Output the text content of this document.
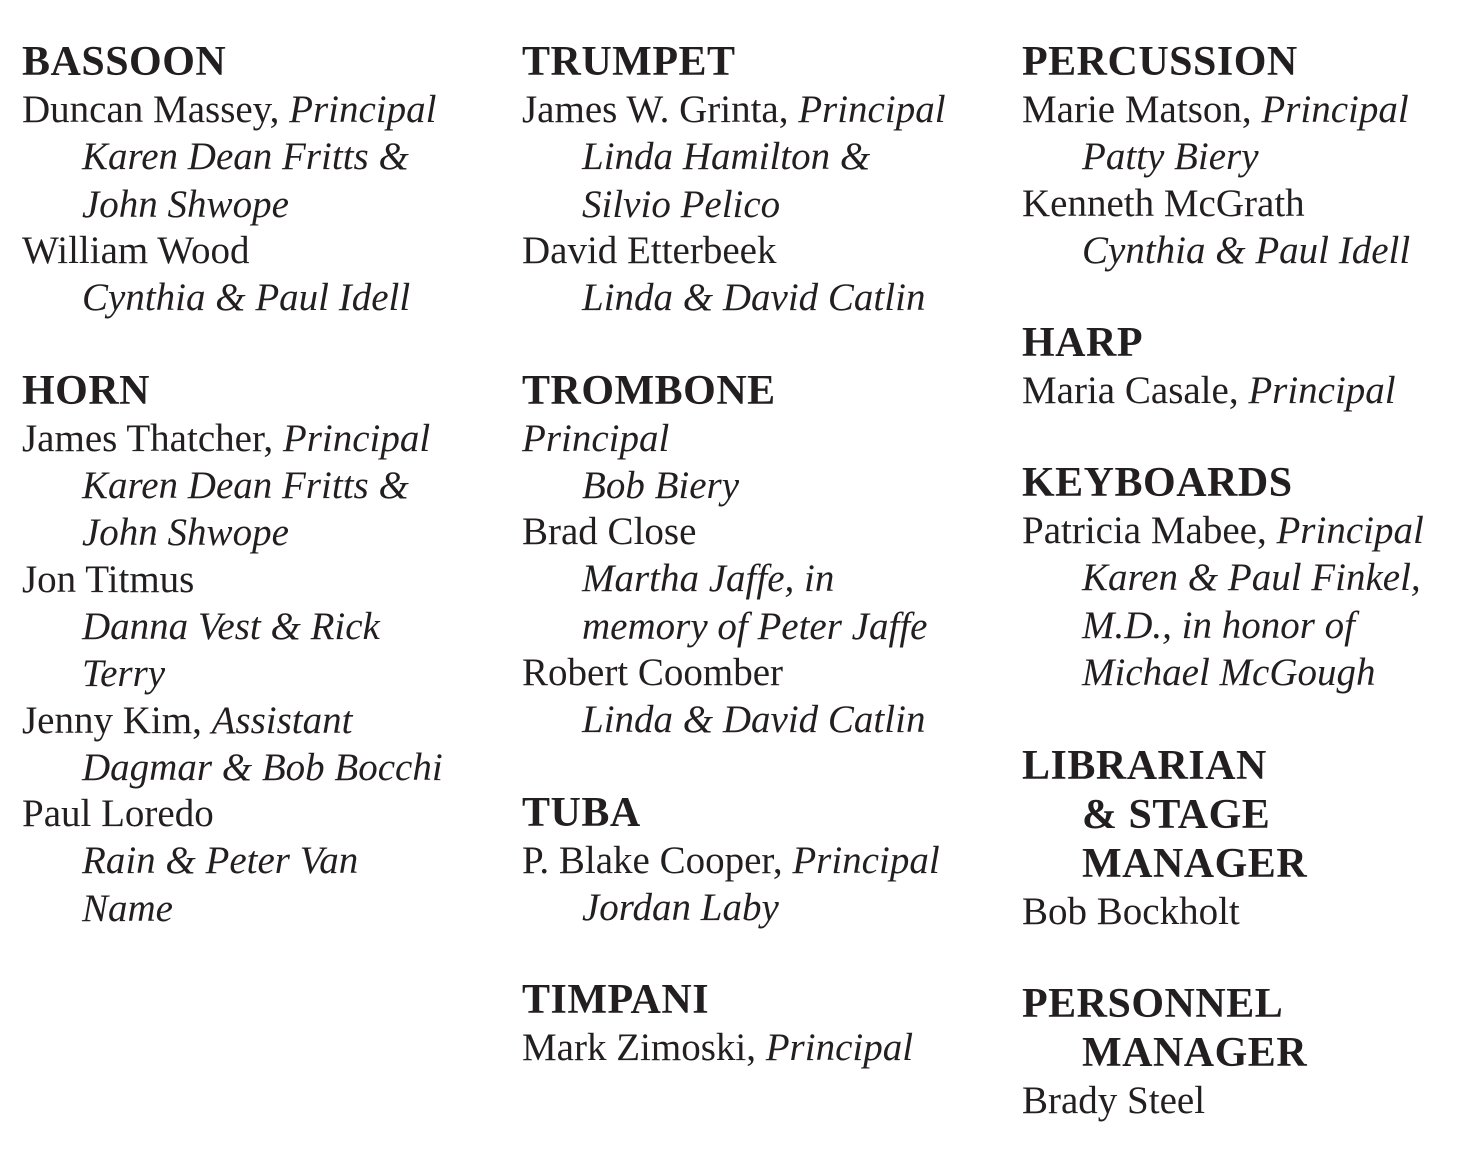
BASSOON

Duncan Massey, Principal

Karen Dean Fritts &

John Shwope

William Wood

Cynthia & Paul Idell

HORN

James Thatcher, Principal

Karen Dean Fritts &

John Shwope

Jon Titmus

Danna Vest & Rick

Terry

Jenny Kim, Assistant

Dagmar & Bob Bocchi

Paul Loredo

Rain & Peter Van

Name

TRUMPET

James W. Grinta, Principal

Linda Hamilton &

Silvio Pelico

David Etterbeek

Linda & David Catlin

TROMBONE

Principal

Bob Biery

Brad Close

Martha Jaffe, in

memory of Peter Jaffe

Robert Coomber

Linda & David Catlin

TUBA

P. Blake Cooper, Principal

Jordan Laby

TIMPANI

Mark Zimoski, Principal

PERCUSSION

Marie Matson, Principal

Patty Biery

Kenneth McGrath

Cynthia & Paul Idell

HARP

Maria Casale, Principal

KEYBOARDS

Patricia Mabee, Principal

Karen & Paul Finkel,

M.D., in honor of

Michael McGough

LIBRARIAN
& STAGE
MANAGER

Bob Bockholt

PERSONNEL
MANAGER

Brady Steel
